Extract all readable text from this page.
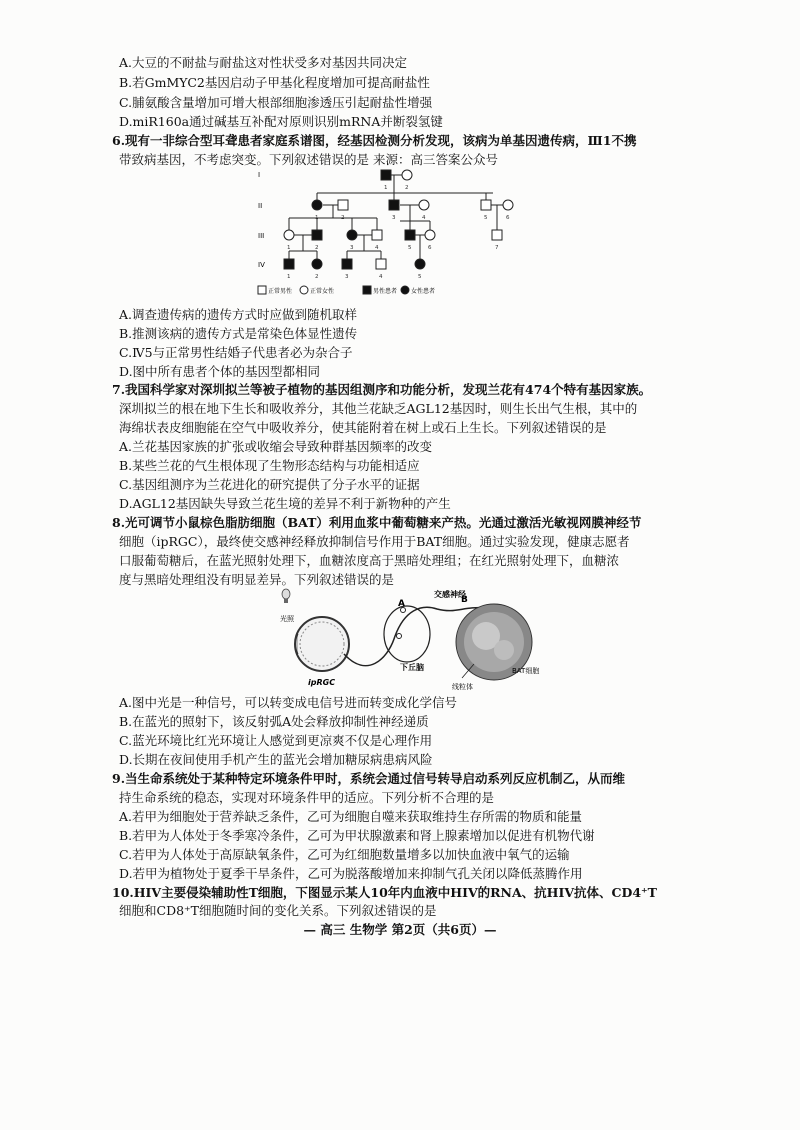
A.大豆的不耐盐与耐盐这对性状受多对基因共同决定
B.若GmMYC2基因启动子甲基化程度增加可提高耐盐性
C.脯氨酸含量增加可增大根部细胞渗透压引起耐盐性增强
D.miR160a通过碱基互补配对原则识别mRNA并断裂氢键
6.现有一非综合型耳聋患者家庭系谱图，经基因检测分析发现，该病为单基因遗传病，Ⅲ1不携
带致病基因，不考虑突变。下列叙述错误的是 来源：高三答案公众号
I
II
III
IV
1	2
1	2	3	4	5	6
1	2	3	4	5	6	7
1	2	3	4	5
正常男性	正常女性	男性患者 女性患者
A.调查遗传病的遗传方式时应做到随机取样
B.推测该病的遗传方式是常染色体显性遗传
C.Ⅳ5与正常男性结婚子代患者必为杂合子
D.图中所有患者个体的基因型都相同
7.我国科学家对深圳拟兰等被子植物的基因组测序和功能分析，发现兰花有474个特有基因家族。
深圳拟兰的根在地下生长和吸收养分，其他兰花缺乏AGL12基因时，则生长出气生根，其中的
海绵状表皮细胞能在空气中吸收养分，使其能附着在树上或石上生长。下列叙述错误的是
A.兰花基因家族的扩张或收缩会导致种群基因频率的改变
B.某些兰花的气生根体现了生物形态结构与功能相适应
C.基因组测序为兰花进化的研究提供了分子水平的证据
D.AGL12基因缺失导致兰花生境的差异不利于新物种的产生
8.光可调节小鼠棕色脂肪细胞（BAT）利用血浆中葡萄糖来产热。光通过激活光敏视网膜神经节
细胞（ipRGC），最终使交感神经释放抑制信号作用于BAT细胞。通过实验发现，健康志愿者
口服葡萄糖后，在蓝光照射处理下，血糖浓度高于黑暗处理组；在红光照射处理下，血糖浓
度与黑暗处理组没有明显差异。下列叙述错误的是
光照
ipRGC
A	B
交感神经
下丘脑
线粒体
BAT细胞
A.图中光是一种信号，可以转变成电信号进而转变成化学信号
B.在蓝光的照射下，该反射弧A处会释放抑制性神经递质
C.蓝光环境比红光环境让人感觉到更凉爽不仅是心理作用
D.长期在夜间使用手机产生的蓝光会增加糖尿病患病风险
9.当生命系统处于某种特定环境条件甲时，系统会通过信号转导启动系列反应机制乙，从而维
持生命系统的稳态，实现对环境条件甲的适应。下列分析不合理的是
A.若甲为细胞处于营养缺乏条件，乙可为细胞自噬来获取维持生存所需的物质和能量
B.若甲为人体处于冬季寒冷条件，乙可为甲状腺激素和肾上腺素增加以促进有机物代谢
C.若甲为人体处于高原缺氧条件，乙可为红细胞数量增多以加快血液中氧气的运输
D.若甲为植物处于夏季干旱条件，乙可为脱落酸增加来抑制气孔关闭以降低蒸腾作用
10.HIV主要侵染辅助性T细胞，下图显示某人10年内血液中HIV的RNA、抗HIV抗体、CD4⁺T
细胞和CD8⁺T细胞随时间的变化关系。下列叙述错误的是
— 高三 生物学 第2页（共6页）—
